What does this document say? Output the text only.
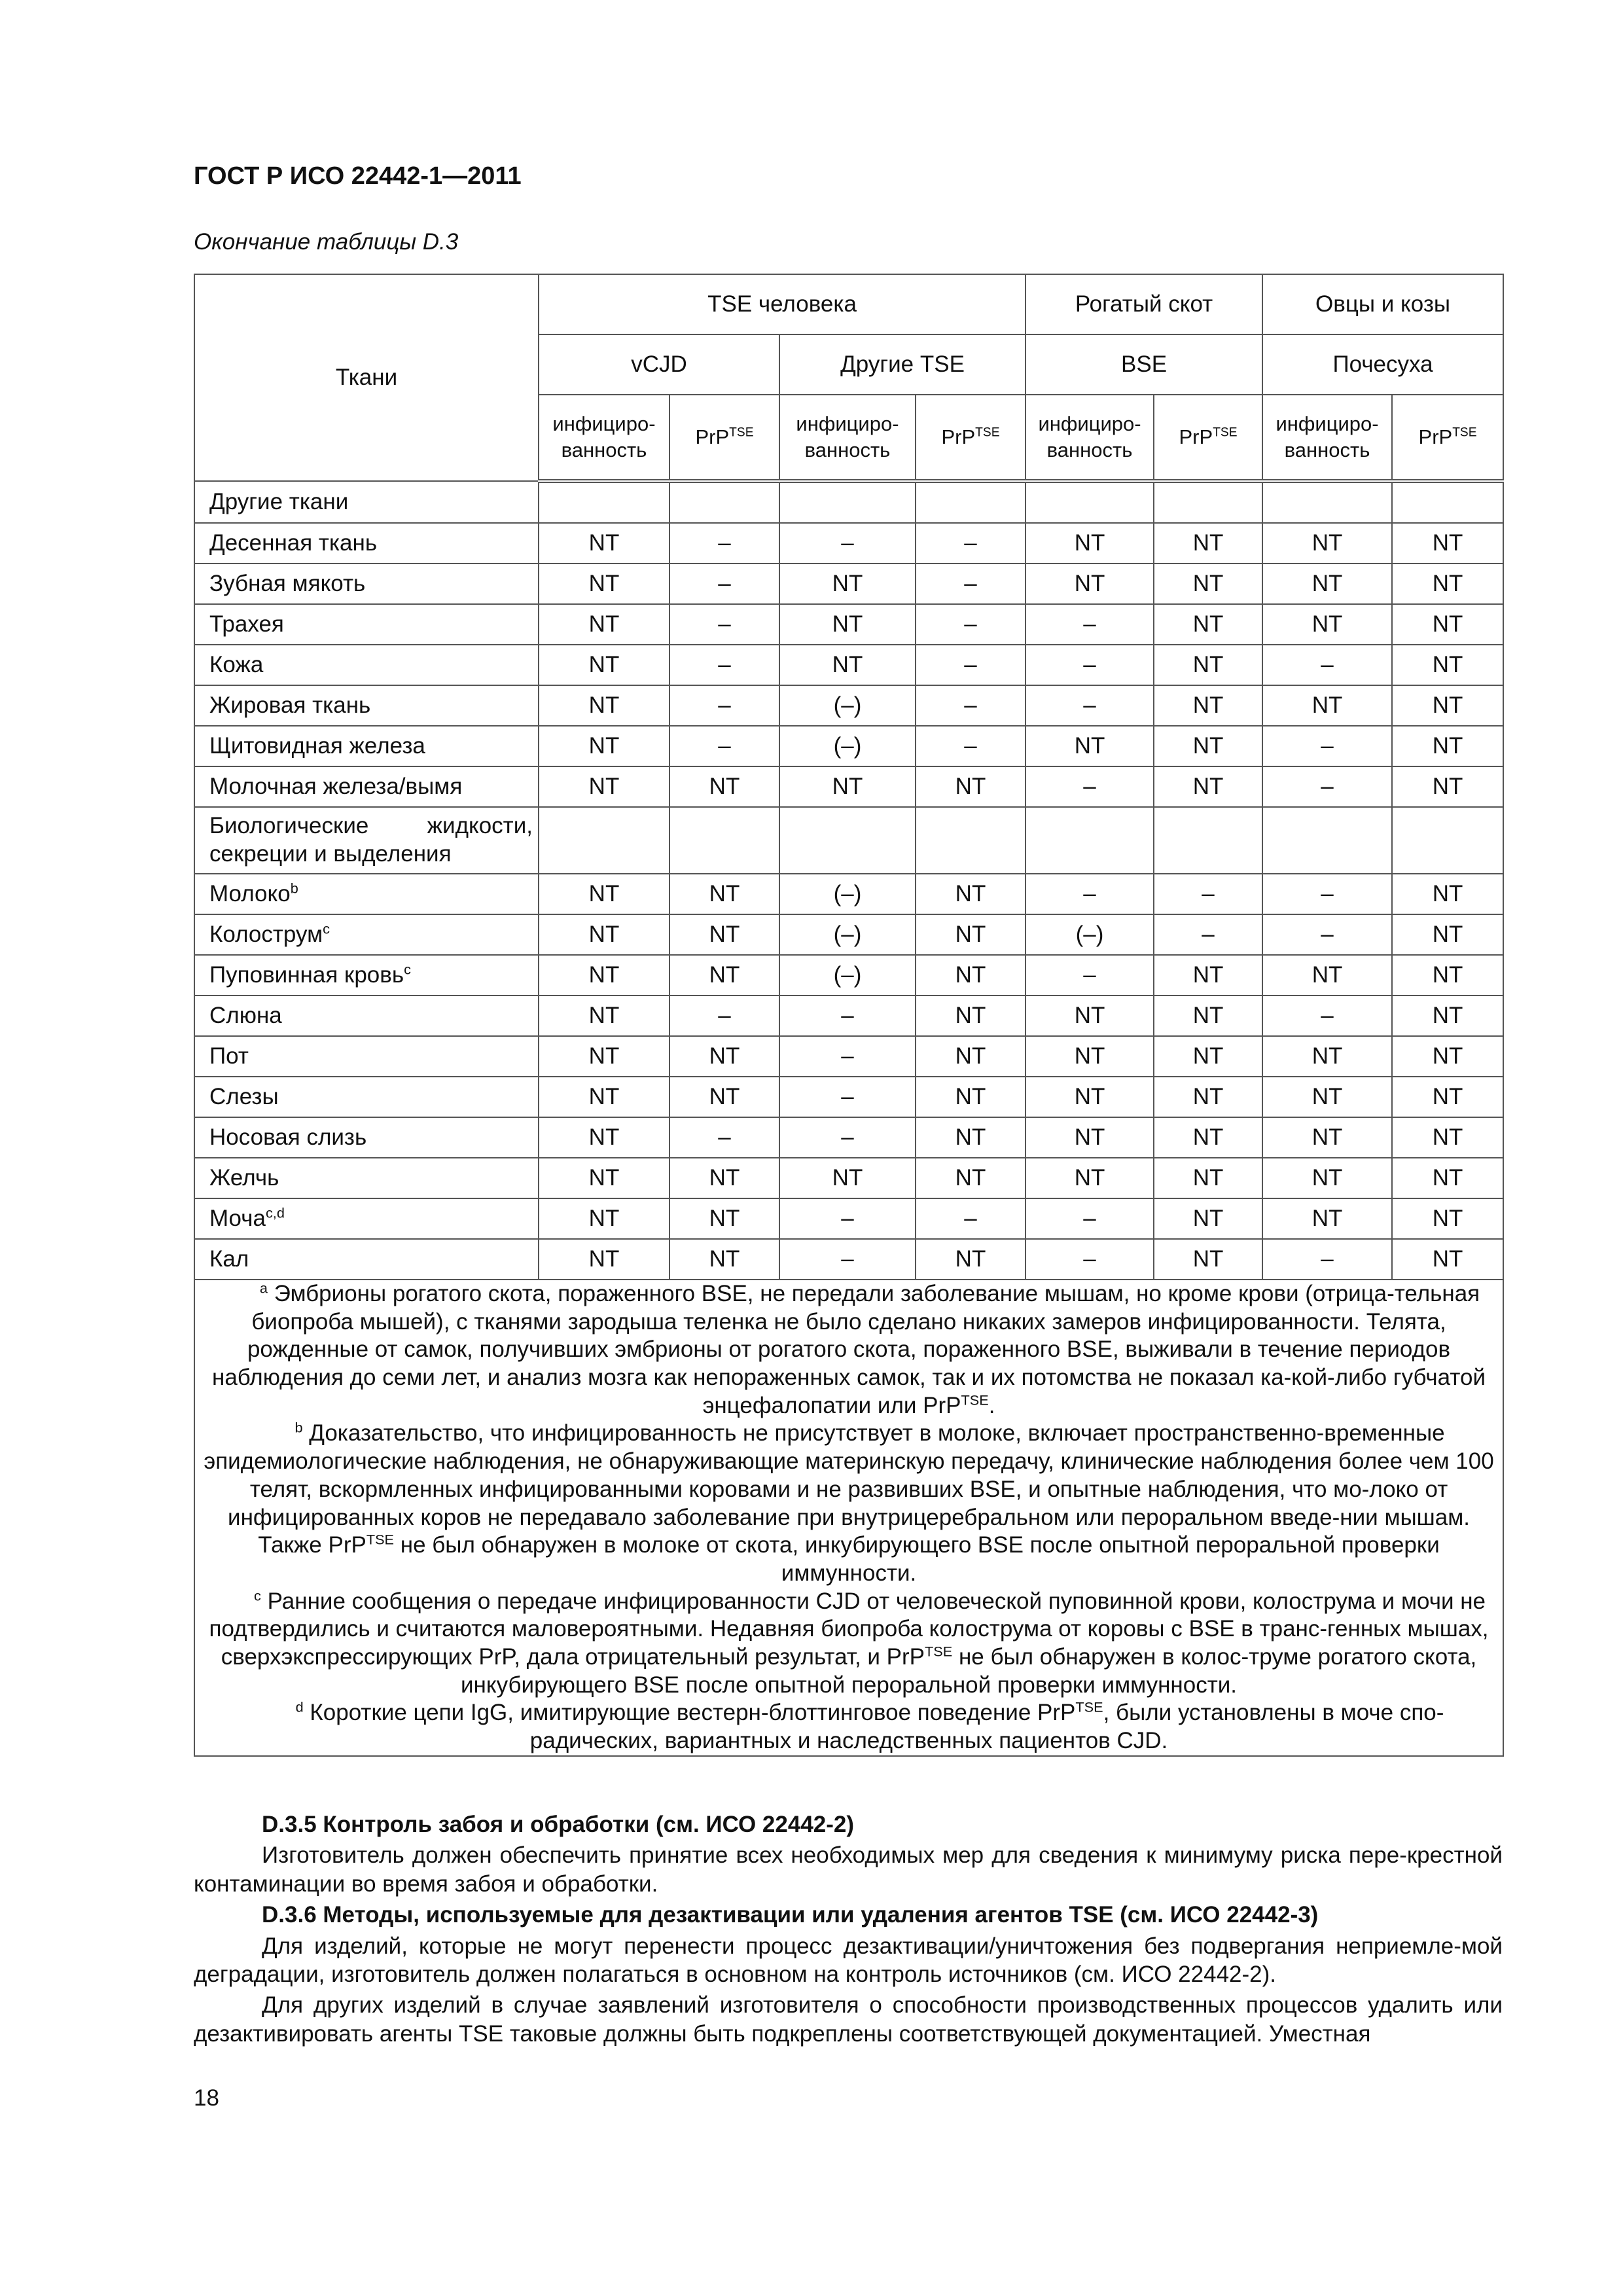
ГОСТ Р ИСО 22442-1—2011

Окончание таблицы D.3

Ткани	TSE человека				Рогатый скот		Овцы и козы	
	vCJD		Другие TSE		BSE		Почесуха	
	инфициро-ванность	PrP$^{TSE}$	инфициро-ванность	PrP$^{TSE}$	инфициро-ванность	PrP$^{TSE}$	инфициро-ванность	PrP$^{TSE}$
Другие ткани								
Десенная ткань	NT	–	–	–	NT	NT	NT	NT
Зубная мякоть	NT	–	NT	–	NT	NT	NT	NT
Трахея	NT	–	NT	–	–	NT	NT	NT
Кожа	NT	–	NT	–	–	NT	–	NT
Жировая ткань	NT	–	(–)	–	–	NT	NT	NT
Щитовидная железа	NT	–	(–)	–	NT	NT	–	NT
Молочная железа/вымя	NT	NT	NT	NT	–	NT	–	NT
Биологические жидкости, секреции и выделения								
Молоко$^b$	NT	NT	(–)	NT	–	–	–	NT
Колострум$^c$	NT	NT	(–)	NT	(–)	–	–	NT
Пуповинная кровь$^c$	NT	NT	(–)	NT	–	NT	NT	NT
Слюна	NT	–	–	NT	NT	NT	–	NT
Пот	NT	NT	–	NT	NT	NT	NT	NT
Слезы	NT	NT	–	NT	NT	NT	NT	NT
Носовая слизь	NT	–	–	NT	NT	NT	NT	NT
Желчь	NT	NT	NT	NT	NT	NT	NT	NT
Моча$^{c,d}$	NT	NT	–	–	–	NT	NT	NT
Кал	NT	NT	–	NT	–	NT	–	NT

$^a$ Эмбрионы рогатого скота, пораженного BSE, не передали заболевание мышам, но кроме крови (отрица-тельная биопроба мышей), с тканями зародыша теленка не было сделано никаких замеров инфицированности. Телята, рожденные от самок, получивших эмбрионы от рогатого скота, пораженного BSE, выживали в течение периодов наблюдения до семи лет, и анализ мозга как непораженных самок, так и их потомства не показал ка-кой-либо губчатой энцефалопатии или PrP$^{TSE}$.

$^b$ Доказательство, что инфицированность не присутствует в молоке, включает пространственно-временные эпидемиологические наблюдения, не обнаруживающие материнскую передачу, клинические наблюдения более чем 100 телят, вскормленных инфицированными коровами и не развивших BSE, и опытные наблюдения, что мо-локо от инфицированных коров не передавало заболевание при внутрицеребральном или пероральном введе-нии мышам. Также PrP$^{TSE}$ не был обнаружен в молоке от скота, инкубирующего BSE после опытной пероральной проверки иммунности.

$^c$ Ранние сообщения о передаче инфицированности CJD от человеческой пуповинной крови, колострума и мочи не подтвердились и считаются маловероятными. Недавняя биопроба колострума от коровы с BSE в транс-генных мышах, сверхэкспрессирующих PrP, дала отрицательный результат, и PrP$^{TSE}$ не был обнаружен в колос-труме рогатого скота, инкубирующего BSE после опытной пероральной проверки иммунности.

$^d$ Короткие цепи IgG, имитирующие вестерн-блоттинговое поведение PrP$^{TSE}$, были установлены в моче спо-радических, вариантных и наследственных пациентов CJD.								

D.3.5 Контроль забоя и обработки (см. ИСО 22442-2)

Изготовитель должен обеспечить принятие всех необходимых мер для сведения к минимуму риска пере-крестной контаминации во время забоя и обработки.

D.3.6 Методы, используемые для дезактивации или удаления агентов TSE (см. ИСО 22442-3)

Для изделий, которые не могут перенести процесс дезактивации/уничтожения без подвергания неприемле-мой деградации, изготовитель должен полагаться в основном на контроль источников (см. ИСО 22442-2).

Для других изделий в случае заявлений изготовителя о способности производственных процессов удалить или дезактивировать агенты TSE таковые должны быть подкреплены соответствующей документацией. Уместная

18
